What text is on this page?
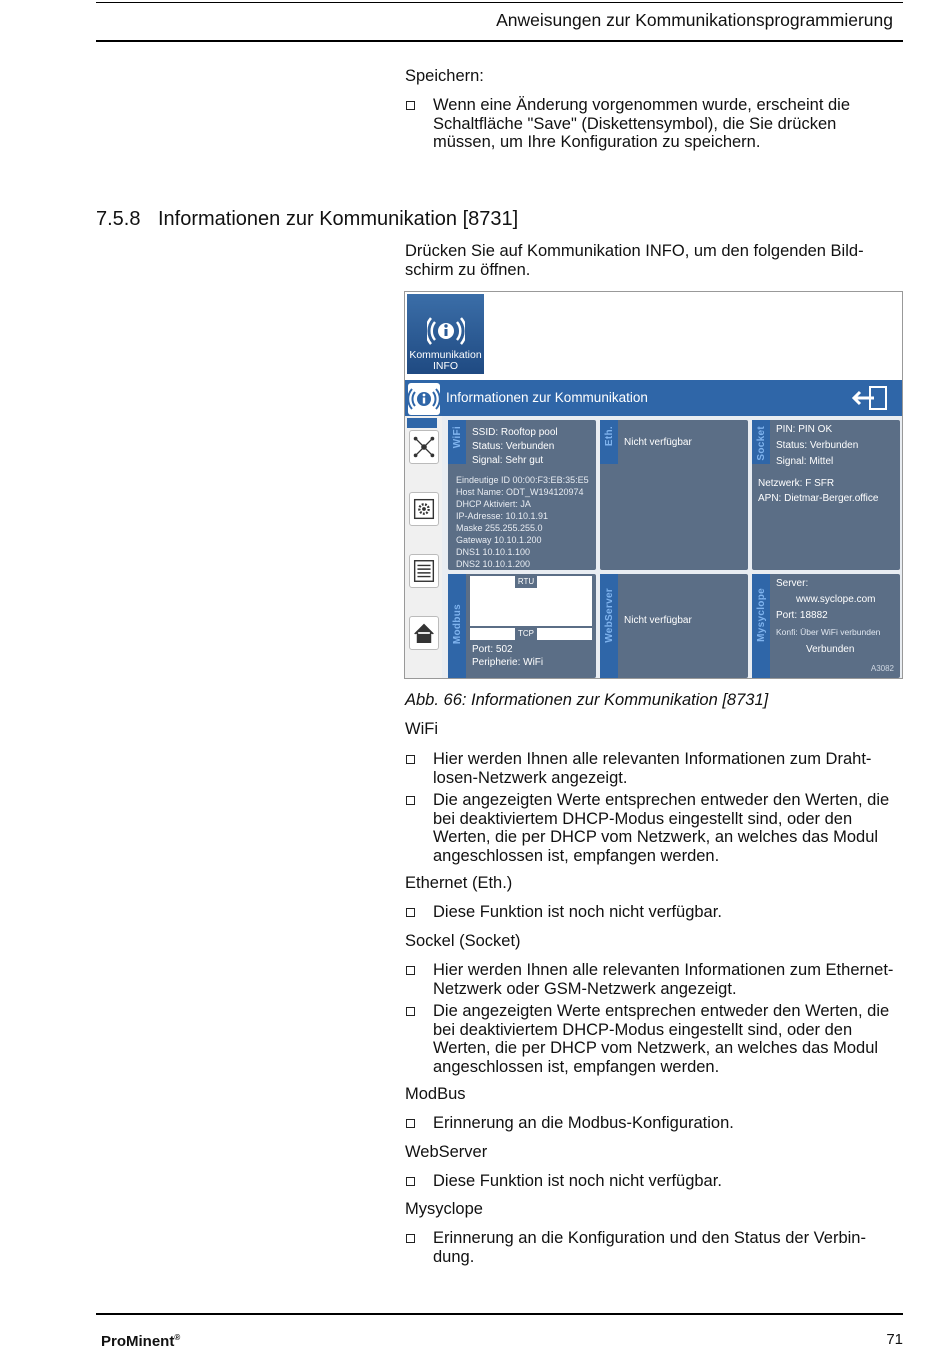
Anweisungen zur Kommunikationsprogrammierung
Speichern:
Wenn eine Änderung vorgenommen wurde, erscheint die Schaltfläche "Save" (Diskettensymbol), die Sie drücken müssen, um Ihre Konfiguration zu speichern.
7.5.8 Informationen zur Kommunikation [8731]
Drücken Sie auf Kommunikation INFO, um den folgenden Bild-schirm zu öffnen.
Kommunikation
INFO
Informationen zur Kommunikation
WiFi SSID: Rooftop pool
Status: Verbunden
Signal: Sehr gut
Eindeutige ID 00:00:F3:EB:35:E5
Host Name: ODT_W194120974
DHCP Aktiviert: JA
IP-Adresse: 10.10.1.91
Maske 255.255.255.0
Gateway 10.10.1.200
DNS1 10.10.1.100
DNS2 10.10.1.200
Eth. Nicht verfügbar	Socket PIN: PIN OK
Status: Verbunden
Signal: Mittel
Netzwerk: F SFR
APN: Dietmar-Berger.office
Modbus
RTU
Bandbreite: 19200
Parität: Ohne
Adresse: 1
TCP
Port: 502
Peripherie: WiFi
WebServer Nicht verfügbar	Mysyclope
Server:
www.syclope.com
Port: 18882
Konfi: Über WiFi verbunden
Verbunden
A3082
Abb. 66: Informationen zur Kommunikation [8731]
WiFi
Hier werden Ihnen alle relevanten Informationen zum Draht-losen-Netzwerk angezeigt.
Die angezeigten Werte entsprechen entweder den Werten, die bei deaktiviertem DHCP-Modus eingestellt sind, oder den Werten, die per DHCP vom Netzwerk, an welches das Modul angeschlossen ist, empfangen werden.
Ethernet (Eth.)
Diese Funktion ist noch nicht verfügbar.
Sockel (Socket)
Hier werden Ihnen alle relevanten Informationen zum Ethernet-Netzwerk oder GSM-Netzwerk angezeigt.
Die angezeigten Werte entsprechen entweder den Werten, die bei deaktiviertem DHCP-Modus eingestellt sind, oder den Werten, die per DHCP vom Netzwerk, an welches das Modul angeschlossen ist, empfangen werden.
ModBus
Erinnerung an die Modbus-Konfiguration.
WebServer
Diese Funktion ist noch nicht verfügbar.
Mysyclope
Erinnerung an die Konfiguration und den Status der Verbin-dung.
ProMinent®	71
